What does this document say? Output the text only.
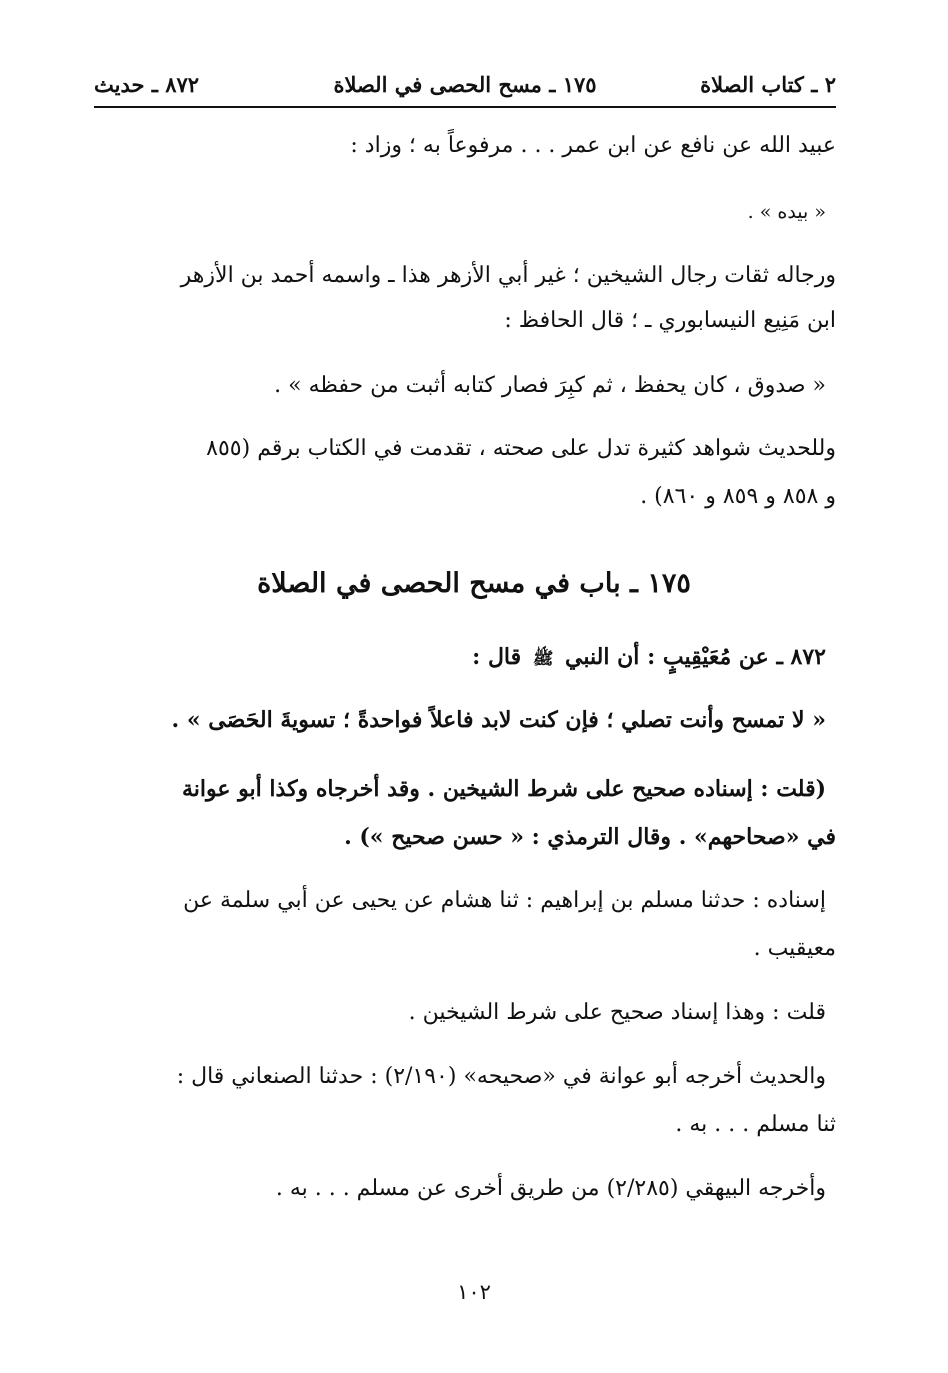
٢ ـ كتاب الصلاة
١٧٥ ـ مسح الحصى في الصلاة
٨٧٢ ـ حديث
عبيد الله عن نافع عن ابن عمر . . . مرفوعاً به ؛ وزاد :
« بيده » .
ورجاله ثقات رجال الشيخين ؛ غير أبي الأزهر هذا ـ واسمه أحمد بن الأزهر
ابن مَنِيع النيسابوري ـ ؛ قال الحافظ :
« صدوق ، كان يحفظ ، ثم كبِرَ فصار كتابه أثبت من حفظه » .
وللحديث شواهد كثيرة تدل على صحته ، تقدمت في الكتاب برقم (٨٥٥
و ٨٥٨ و ٨٥٩ و ٨٦٠) .
١٧٥ ـ باب في مسح الحصى في الصلاة
٨٧٢ ـ عن مُعَيْقِيبٍ : أن النبي ﷺ قال :
« لا تمسح وأنت تصلي ؛ فإن كنت لابد فاعلاً فواحدةً ؛ تسويةَ الحَصَى » .
(قلت : إسناده صحيح على شرط الشيخين . وقد أخرجاه وكذا أبو عوانة
في «صحاحهم» . وقال الترمذي : « حسن صحيح ») .
إسناده : حدثنا مسلم بن إبراهيم : ثنا هشام عن يحيى عن أبي سلمة عن
معيقيب .
قلت : وهذا إسناد صحيح على شرط الشيخين .
والحديث أخرجه أبو عوانة في «صحيحه» (٢/١٩٠) : حدثنا الصنعاني قال :
ثنا مسلم . . . به .
وأخرجه البيهقي (٢/٢٨٥) من طريق أخرى عن مسلم . . . به .
١٠٢
